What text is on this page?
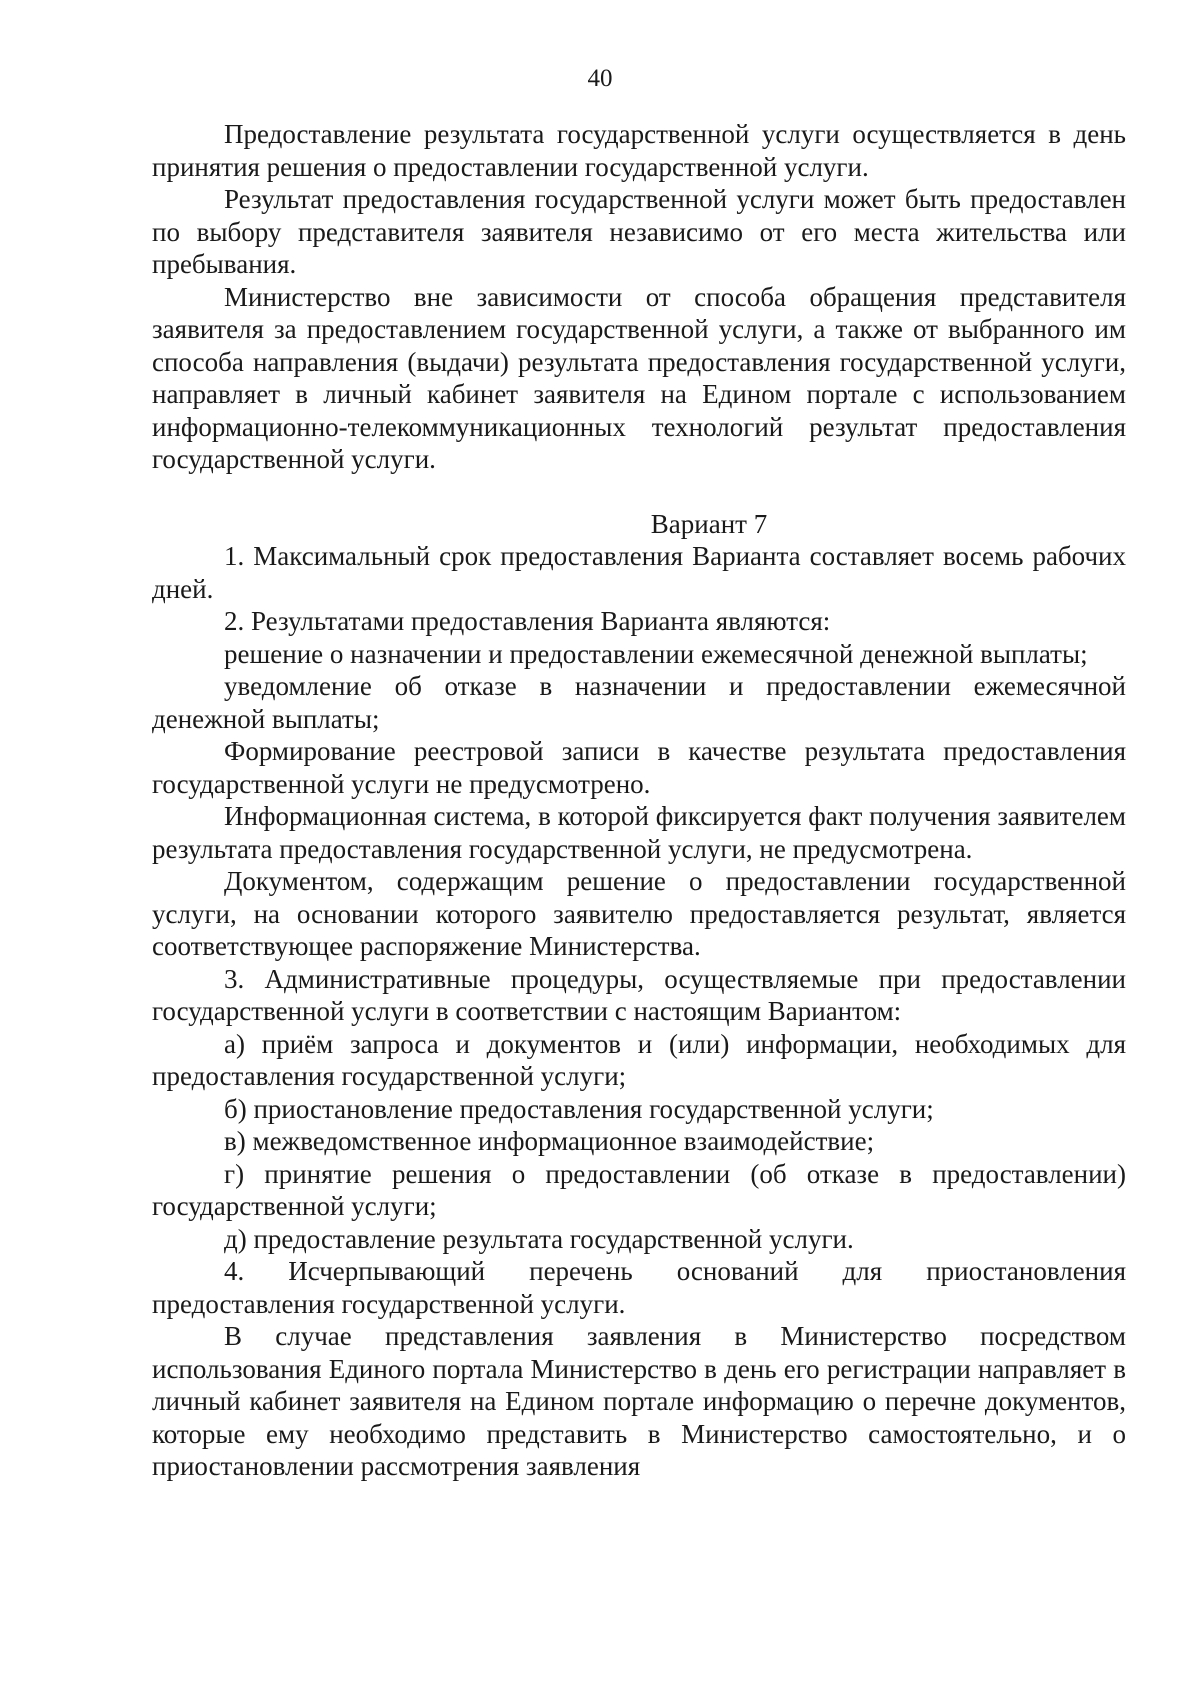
40

Предоставление результата государственной услуги осуществляется в день принятия решения о предоставлении государственной услуги.

Результат предоставления государственной услуги может быть предоставлен по выбору представителя заявителя независимо от его места жительства или пребывания.

Министерство вне зависимости от способа обращения представителя заявителя за предоставлением государственной услуги, а также от выбранного им способа направления (выдачи) результата предоставления государственной услуги, направляет в личный кабинет заявителя на Едином портале с использованием информационно-телекоммуникационных технологий результат предоставления государственной услуги.

Вариант 7

1. Максимальный срок предоставления Варианта составляет восемь рабочих дней.

2. Результатами предоставления Варианта являются:

решение о назначении и предоставлении ежемесячной денежной выплаты;

уведомление об отказе в назначении и предоставлении ежемесячной денежной выплаты;

Формирование реестровой записи в качестве результата предоставления государственной услуги не предусмотрено.

Информационная система, в которой фиксируется факт получения заявителем результата предоставления государственной услуги, не предусмотрена.

Документом, содержащим решение о предоставлении государственной услуги, на основании которого заявителю предоставляется результат, является соответствующее распоряжение Министерства.

3. Административные процедуры, осуществляемые при предоставлении государственной услуги в соответствии с настоящим Вариантом:

а) приём запроса и документов и (или) информации, необходимых для предоставления государственной услуги;

б) приостановление предоставления государственной услуги;

в) межведомственное информационное взаимодействие;

г) принятие решения о предоставлении (об отказе в предоставлении) государственной услуги;

д) предоставление результата государственной услуги.

4. Исчерпывающий перечень оснований для приостановления предоставления государственной услуги.

В случае представления заявления в Министерство посредством использования Единого портала Министерство в день его регистрации направляет в личный кабинет заявителя на Едином портале информацию о перечне документов, которые ему необходимо представить в Министерство самостоятельно, и о приостановлении рассмотрения заявления
